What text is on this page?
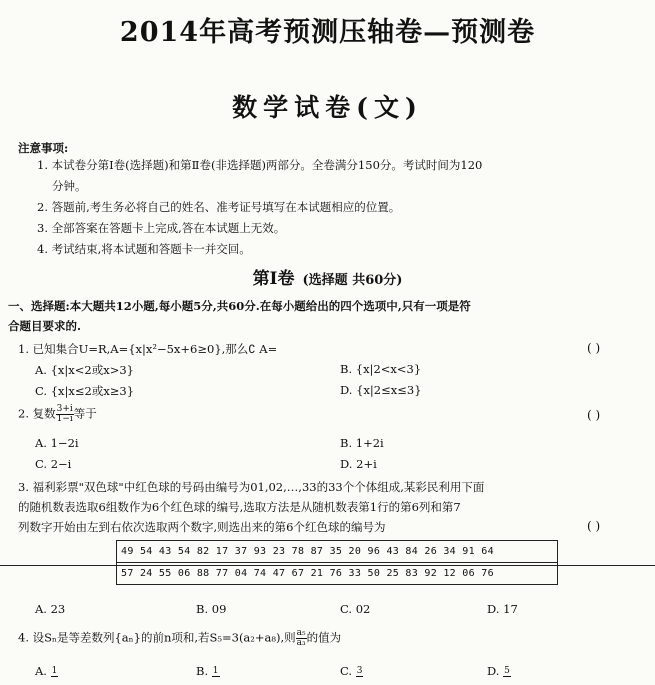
2014年高考预测压轴卷—预测卷
数学试卷(文)
注意事项:
1. 本试卷分第Ⅰ卷(选择题)和第Ⅱ卷(非选择题)两部分。全卷满分150分。考试时间为120
分钟。
2. 答题前,考生务必将自己的姓名、准考证号填写在本试题相应的位置。
3. 全部答案在答题卡上完成,答在本试题上无效。
4. 考试结束,将本试题和答题卡一并交回。
第Ⅰ卷 (选择题 共60分)
一、选择题:本大题共12小题,每小题5分,共60分.在每小题给出的四个选项中,只有一项是符
合题目要求的.
1. 已知集合U=R,A={x|x²−5x+6≥0},那么∁ A=	( )
A. {x|x<2或x>3}	B. {x|2<x<3}
C. {x|x≤2或x≥3}	D. {x|2≤x≤3}
2. 复数 $\frac{3+i}{1-i}$ 等于	( )
A. 1−2i	B. 1+2i
C. 2−i	D. 2+i
3. 福利彩票"双色球"中红色球的号码由编号为01,02,…,33的33个个体组成,某彩民利用下面
的随机数表选取6组数作为6个红色球的编号,选取方法是从随机数表第1行的第6列和第7
列数字开始由左到右依次选取两个数字,则选出来的第6个红色球的编号为	( )
49 54 43 54 82 17 37 93 23 78 87 35 20 96 43 84 26 34 91 64
57 24 55 06 88 77 04 74 47 67 21 76 33 50 25 83 92 12 06 76
A. 23	B. 09	C. 02	D. 17
4. 设Sₙ是等差数列{aₙ}的前n项和,若S₅=3(a₂+a₈),则 $\frac{\text{a₅}}{\text{a₃}}$ 的值为
A. 1	B. 1	C. 3	D. 5
